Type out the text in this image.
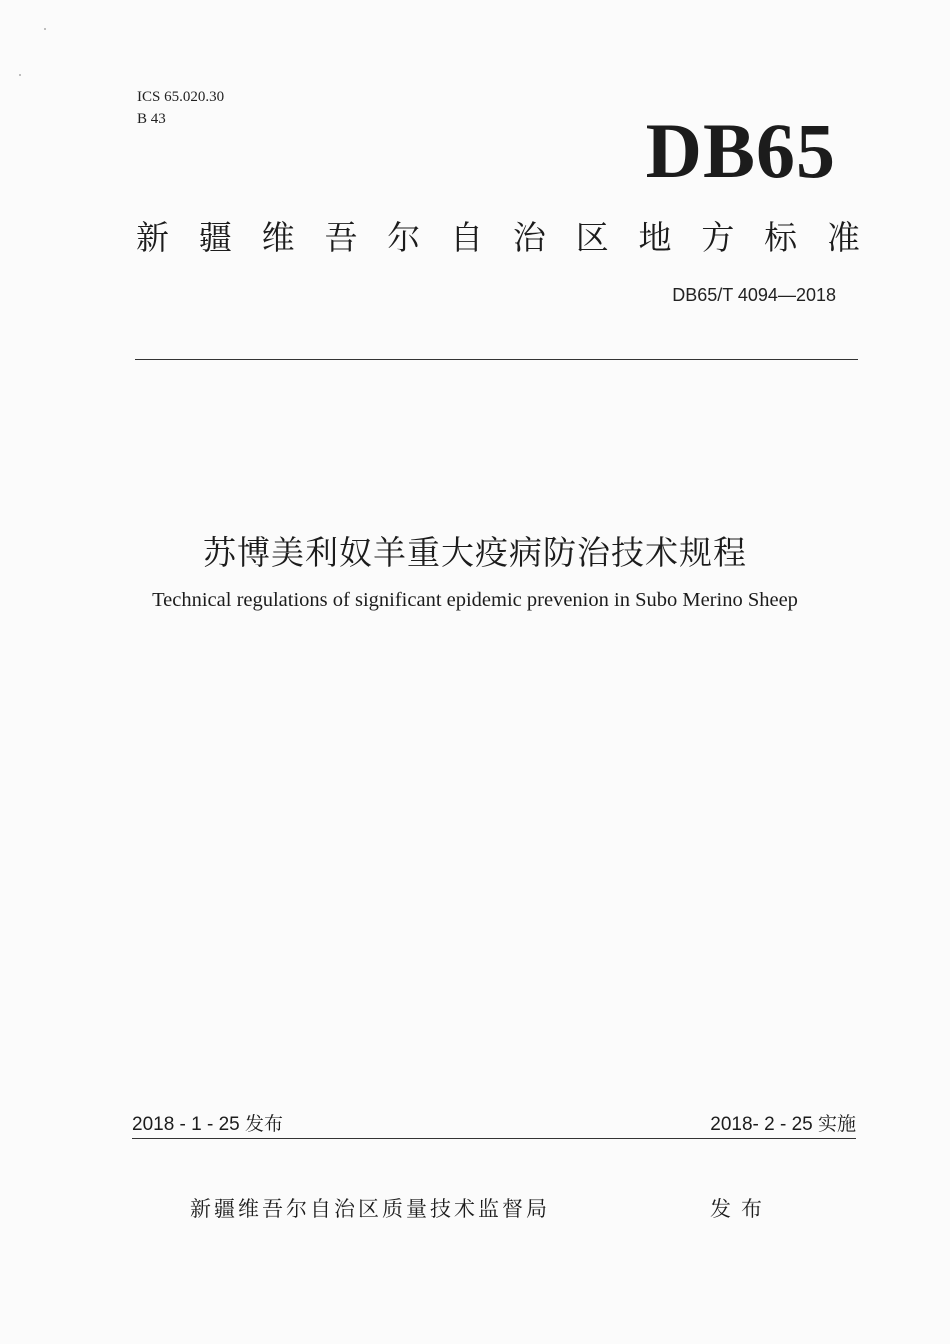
ICS 65.020.30
B 43	DB65
新 疆 维 吾 尔 自 治 区 地 方 标 准
DB65/T 4094—2018
苏博美利奴羊重大疫病防治技术规程
Technical regulations of significant epidemic prevenion in Subo Merino Sheep
2018 - 1 - 25 发布	2018- 2 - 25 实施
新疆维吾尔自治区质量技术监督局	发布
